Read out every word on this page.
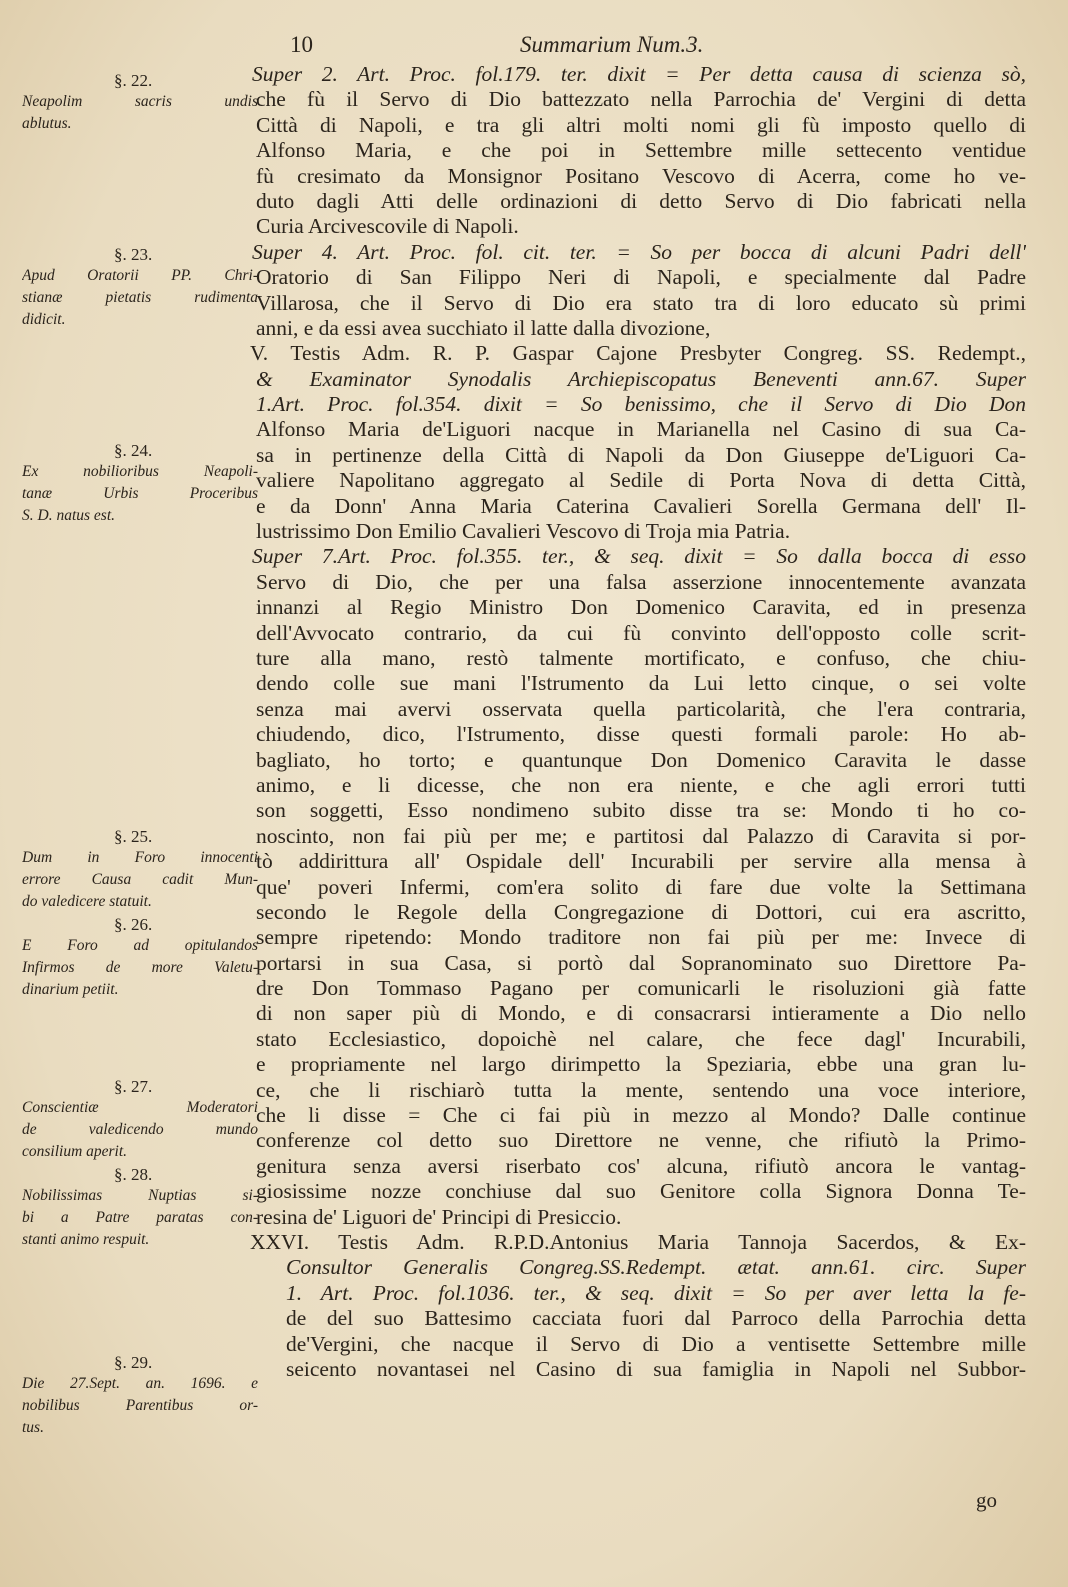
10	Summarium Num.3.
Super 2. Art. Proc. fol.179. ter. dixit = Per detta causa di scienza sò,
che fù il Servo di Dio battezzato nella Parrochia de' Vergini di detta
Città di Napoli, e tra gli altri molti nomi gli fù imposto quello di
Alfonso Maria, e che poi in Settembre mille settecento ventidue
fù cresimato da Monsignor Positano Vescovo di Acerra, come ho ve-
duto dagli Atti delle ordinazioni di detto Servo di Dio fabricati nella
Curia Arcivescovile di Napoli.
Super 4. Art. Proc. fol. cit. ter. = So per bocca di alcuni Padri dell'
Oratorio di San Filippo Neri di Napoli, e specialmente dal Padre
Villarosa, che il Servo di Dio era stato tra di loro educato sù primi
anni, e da essi avea succhiato il latte dalla divozione,
V. Testis Adm. R. P. Gaspar Cajone Presbyter Congreg. SS. Redempt.,
& Examinator Synodalis Archiepiscopatus Beneventi ann.67. Super
1.Art. Proc. fol.354. dixit = So benissimo, che il Servo di Dio Don
Alfonso Maria de'Liguori nacque in Marianella nel Casino di sua Ca-
sa in pertinenze della Città di Napoli da Don Giuseppe de'Liguori Ca-
valiere Napolitano aggregato al Sedile di Porta Nova di detta Città,
e da Donn' Anna Maria Caterina Cavalieri Sorella Germana dell' Il-
lustrissimo Don Emilio Cavalieri Vescovo di Troja mia Patria.
Super 7.Art. Proc. fol.355. ter., & seq. dixit = So dalla bocca di esso
Servo di Dio, che per una falsa asserzione innocentemente avanzata
innanzi al Regio Ministro Don Domenico Caravita, ed in presenza
dell'Avvocato contrario, da cui fù convinto dell'opposto colle scrit-
ture alla mano, restò talmente mortificato, e confuso, che chiu-
dendo colle sue mani l'Istrumento da Lui letto cinque, o sei volte
senza mai avervi osservata quella particolarità, che l'era contraria,
chiudendo, dico, l'Istrumento, disse questi formali parole: Ho ab-
bagliato, ho torto; e quantunque Don Domenico Caravita le dasse
animo, e li dicesse, che non era niente, e che agli errori tutti
son soggetti, Esso nondimeno subito disse tra se: Mondo ti ho co-
noscinto, non fai più per me; e partitosi dal Palazzo di Caravita si por-
tò addirittura all' Ospidale dell' Incurabili per servire alla mensa à
que' poveri Infermi, com'era solito di fare due volte la Settimana
secondo le Regole della Congregazione di Dottori, cui era ascritto,
sempre ripetendo: Mondo traditore non fai più per me: Invece di
portarsi in sua Casa, si portò dal Sopranominato suo Direttore Pa-
dre Don Tommaso Pagano per comunicarli le risoluzioni già fatte
di non saper più di Mondo, e di consacrarsi intieramente a Dio nello
stato Ecclesiastico, dopoichè nel calare, che fece dagl' Incurabili,
e propriamente nel largo dirimpetto la Speziaria, ebbe una gran lu-
ce, che li rischiarò tutta la mente, sentendo una voce interiore,
che li disse = Che ci fai più in mezzo al Mondo? Dalle continue
conferenze col detto suo Direttore ne venne, che rifiutò la Primo-
genitura senza aversi riserbato cos' alcuna, rifiutò ancora le vantag-
giosissime nozze conchiuse dal suo Genitore colla Signora Donna Te-
resina de' Liguori de' Principi di Presiccio.
XXVI. Testis Adm. R.P.D.Antonius Maria Tannoja Sacerdos, & Ex-
Consultor Generalis Congreg.SS.Redempt. ætat. ann.61. circ. Super
1. Art. Proc. fol.1036. ter., & seq. dixit = So per aver letta la fe-
de del suo Battesimo cacciata fuori dal Parroco della Parrochia detta
de'Vergini, che nacque il Servo di Dio a ventisette Settembre mille
seicento novantasei nel Casino di sua famiglia in Napoli nel Subbor-
§. 22.
Neapolim sacris undis
ablutus.
§. 23.
Apud Oratorii PP. Chri-
stianæ pietatis rudimenta
didicit.
§. 24.
Ex nobilioribus Neapoli-
tanæ Urbis Proceribus
S. D. natus est.
§. 25.
Dum in Foro innocenti
errore Causa cadit Mun-
do valedicere statuit.
§. 26.
E Foro ad opitulandos
Infirmos de more Valetu-
dinarium petiit.
§. 27.
Conscientiæ Moderatori
de valedicendo mundo
consilium aperit.
§. 28.
Nobilissimas Nuptias si-
bi a Patre paratas con-
stanti animo respuit.
§. 29.
Die 27.Sept. an. 1696. e
nobilibus Parentibus or-
tus.
go
